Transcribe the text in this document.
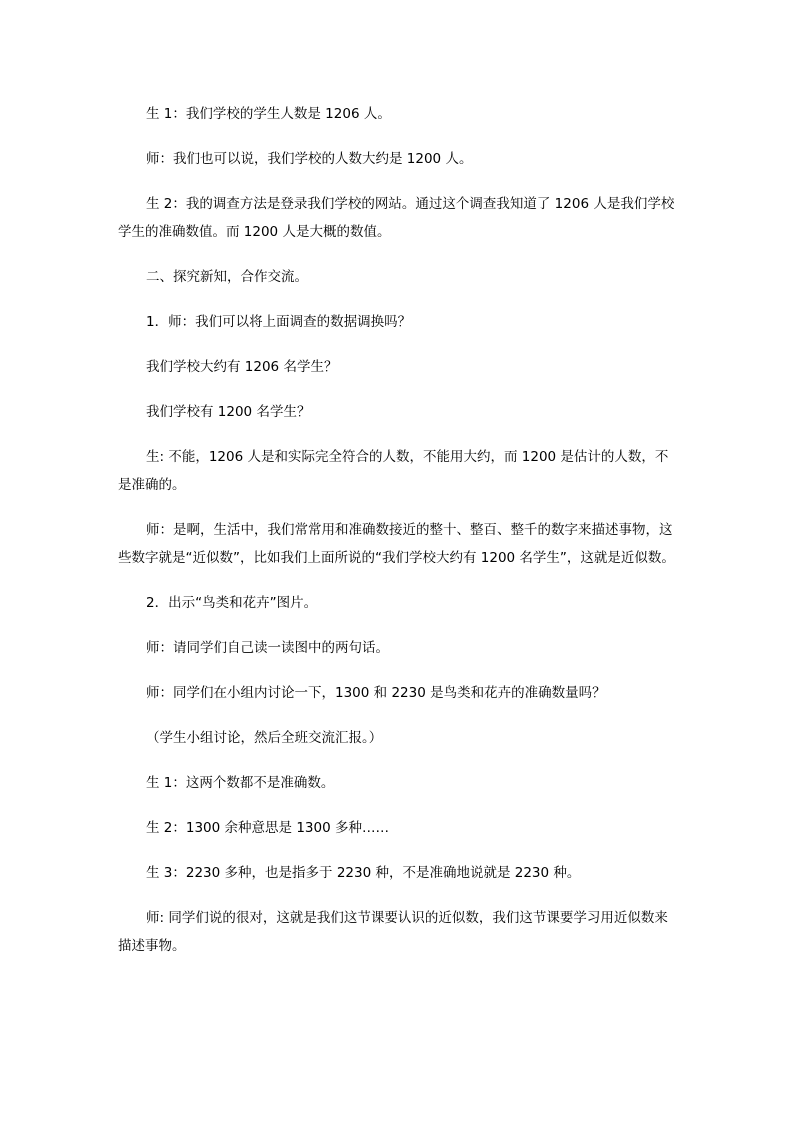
生 1：我们学校的学生人数是 1206 人。

师：我们也可以说，我们学校的人数大约是 1200 人。

生 2：我的调查方法是登录我们学校的网站。通过这个调查我知道了 1206 人是我们学校学生的准确数值。而 1200 人是大概的数值。

二、探究新知，合作交流。

1．师：我们可以将上面调查的数据调换吗？

我们学校大约有 1206 名学生？

我们学校有 1200 名学生？

生: 不能，1206 人是和实际完全符合的人数，不能用大约，而 1200 是估计的人数，不是准确的。

师：是啊，生活中，我们常常用和准确数接近的整十、整百、整千的数字来描述事物，这些数字就是“近似数”，比如我们上面所说的“我们学校大约有 1200 名学生”，这就是近似数。

2．出示“鸟类和花卉”图片。

师：请同学们自己读一读图中的两句话。

师：同学们在小组内讨论一下，1300 和 2230 是鸟类和花卉的准确数量吗？

（学生小组讨论，然后全班交流汇报。）

生 1：这两个数都不是准确数。

生 2：1300 余种意思是 1300 多种……

生 3：2230 多种，也是指多于 2230 种，不是准确地说就是 2230 种。

师: 同学们说的很对，这就是我们这节课要认识的近似数，我们这节课要学习用近似数来描述事物。
